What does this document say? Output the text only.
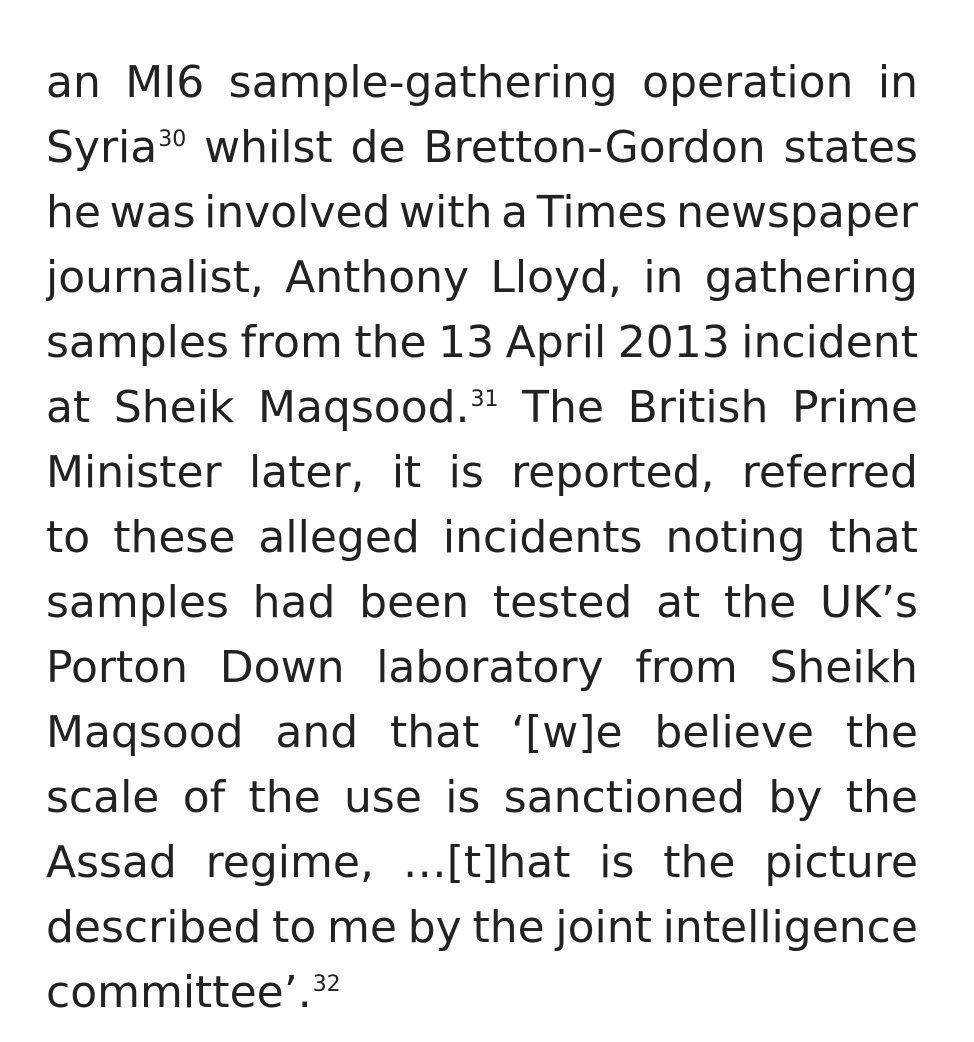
an MI6 sample-gathering operation in
Syria$^{30}$ whilst de Bretton-Gordon states
he was involved with a Times newspaper
journalist, Anthony Lloyd, in gathering
samples from the 13 April 2013 incident
at Sheik Maqsood.$^{31}$ The British Prime
Minister later, it is reported, referred
to these alleged incidents noting that
samples had been tested at the UK’s
Porton Down laboratory from Sheikh
Maqsood and that ‘[w]e believe the
scale of the use is sanctioned by the
Assad regime, …[t]hat is the picture
described to me by the joint intelligence
committee’.$^{32}$
